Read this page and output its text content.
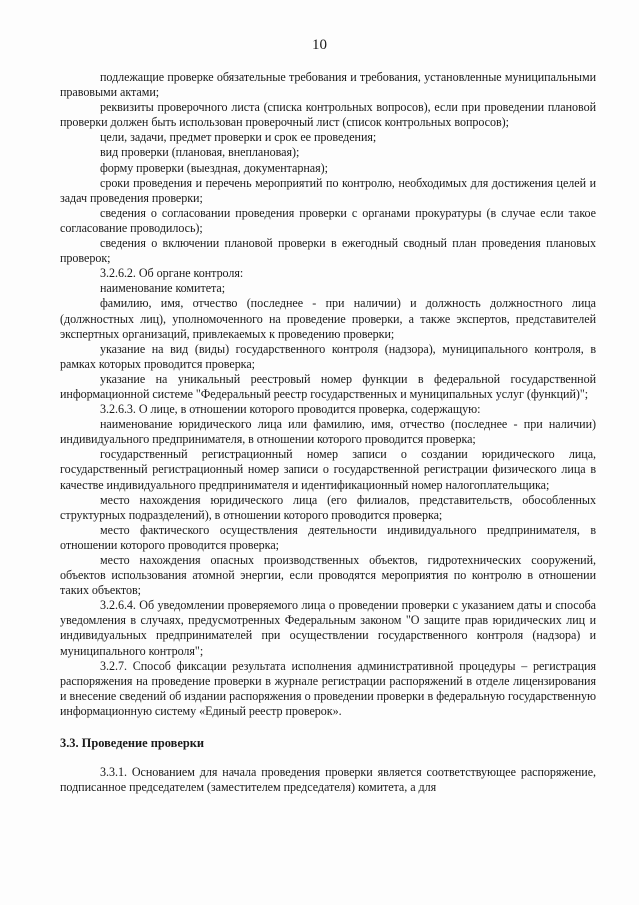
10

подлежащие проверке обязательные требования и требования, установленные муниципальными правовыми актами;

реквизиты проверочного листа (списка контрольных вопросов), если при проведении плановой проверки должен быть использован проверочный лист (список контрольных вопросов);

цели, задачи, предмет проверки и срок ее проведения;

вид проверки (плановая, внеплановая);

форму проверки (выездная, документарная);

сроки проведения и перечень мероприятий по контролю, необходимых для достижения целей и задач проведения проверки;

сведения о согласовании проведения проверки с органами прокуратуры (в случае если такое согласование проводилось);

сведения о включении плановой проверки в ежегодный сводный план проведения плановых проверок;

3.2.6.2. Об органе контроля:

наименование комитета;

фамилию, имя, отчество (последнее - при наличии) и должность должностного лица (должностных лиц), уполномоченного на проведение проверки, а также экспертов, представителей экспертных организаций, привлекаемых к проведению проверки;

указание на вид (виды) государственного контроля (надзора), муниципального контроля, в рамках которых проводится проверка;

указание на уникальный реестровый номер функции в федеральной государственной информационной системе "Федеральный реестр государственных и муниципальных услуг (функций)";

3.2.6.3. О лице, в отношении которого проводится проверка, содержащую:

наименование юридического лица или фамилию, имя, отчество (последнее - при наличии) индивидуального предпринимателя, в отношении которого проводится проверка;

государственный регистрационный номер записи о создании юридического лица, государственный регистрационный номер записи о государственной регистрации физического лица в качестве индивидуального предпринимателя и идентификационный номер налогоплательщика;

место нахождения юридического лица (его филиалов, представительств, обособленных структурных подразделений), в отношении которого проводится проверка;

место фактического осуществления деятельности индивидуального предпринимателя, в отношении которого проводится проверка;

место нахождения опасных производственных объектов, гидротехнических сооружений, объектов использования атомной энергии, если проводятся мероприятия по контролю в отношении таких объектов;

3.2.6.4. Об уведомлении проверяемого лица о проведении проверки с указанием даты и способа уведомления в случаях, предусмотренных Федеральным законом "О защите прав юридических лиц и индивидуальных предпринимателей при осуществлении государственного контроля (надзора) и муниципального контроля";

3.2.7. Способ фиксации результата исполнения административной процедуры – регистрация распоряжения на проведение проверки в журнале регистрации распоряжений в отделе лицензирования и внесение сведений об издании распоряжения о проведении проверки в федеральную государственную информационную систему «Единый реестр проверок».

3.3. Проведение проверки

3.3.1. Основанием для начала проведения проверки является соответствующее распоряжение, подписанное председателем (заместителем председателя) комитета, а для
